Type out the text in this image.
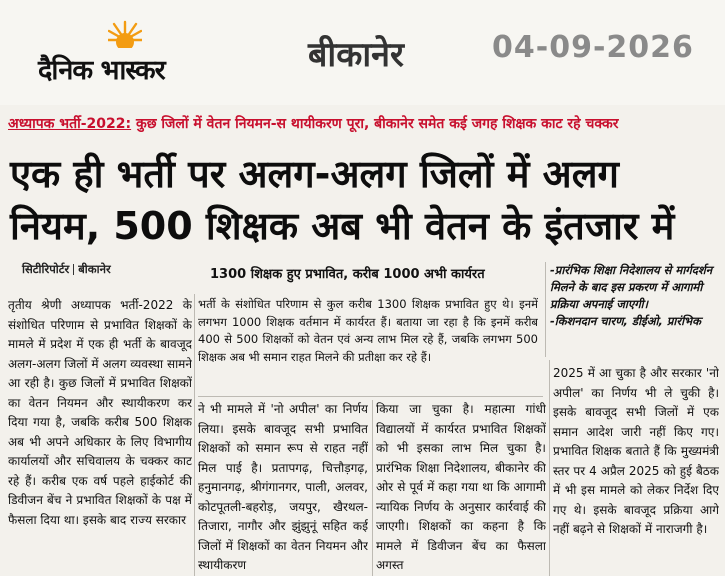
दैनिक भास्कर	बीकानेर	04-09-2026
अध्यापक भर्ती-2022: कुछ जिलों में वेतन नियमन-स थायीकरण पूरा, बीकानेर समेत कई जगह शिक्षक काट रहे चक्कर
एक ही भर्ती पर अलग-अलग जिलों में अलग
नियम, 500 शिक्षक अब भी वेतन के इंतजार में
सिटीरिपोर्टर बीकानेर	1300 शिक्षक हुए प्रभावित, करीब 1000 अभी कार्यरत	-प्रारंभिक शिक्षा निदेशालय से मार्गदर्शन मिलने के बाद इस प्रकरण में आगामी प्रक्रिया अपनाई जाएगी।
-किशनदान चारण, डीईओ, प्रारंभिक
तृतीय श्रेणी अध्यापक भर्ती-2022 के संशोधित परिणाम से प्रभावित शिक्षकों के मामले में प्रदेश में एक ही भर्ती के बावजूद अलग-अलग जिलों में अलग व्यवस्था सामने आ रही है। कुछ जिलों में प्रभावित शिक्षकों का वेतन नियमन और स्थायीकरण कर दिया गया है, जबकि करीब 500 शिक्षक अब भी अपने अधिकार के लिए विभागीय कार्यालयों और सचिवालय के चक्कर काट रहे हैं। करीब एक वर्ष पहले हाईकोर्ट की डिवीजन बेंच ने प्रभावित शिक्षकों के पक्ष में फैसला दिया था। इसके बाद राज्य सरकार
भर्ती के संशोधित परिणाम से कुल करीब 1300 शिक्षक प्रभावित हुए थे। इनमें लगभग 1000 शिक्षक वर्तमान में कार्यरत हैं। बताया जा रहा है कि इनमें करीब 400 से 500 शिक्षकों को वेतन एवं अन्य लाभ मिल रहे हैं, जबकि लगभग 500 शिक्षक अब भी समान राहत मिलने की प्रतीक्षा कर रहे हैं।
ने भी मामले में 'नो अपील' का निर्णय लिया। इसके बावजूद सभी प्रभावित शिक्षकों को समान रूप से राहत नहीं मिल पाई है। प्रतापगढ़, चित्तौड़गढ़, हनुमानगढ़, श्रीगंगानगर, पाली, अलवर, कोटपूतली-बहरोड़, जयपुर, खैरथल-तिजारा, नागौर और झुंझुनूं सहित कई जिलों में शिक्षकों का वेतन नियमन और स्थायीकरण
किया जा चुका है। महात्मा गांधी विद्यालयों में कार्यरत प्रभावित शिक्षकों को भी इसका लाभ मिल चुका है। प्रारंभिक शिक्षा निदेशालय, बीकानेर की ओर से पूर्व में कहा गया था कि आगामी न्यायिक निर्णय के अनुसार कार्रवाई की जाएगी। शिक्षकों का कहना है कि मामले में डिवीजन बेंच का फैसला अगस्त
2025 में आ चुका है और सरकार 'नो अपील' का निर्णय भी ले चुकी है। इसके बावजूद सभी जिलों में एक समान आदेश जारी नहीं किए गए। प्रभावित शिक्षक बताते हैं कि मुख्यमंत्री स्तर पर 4 अप्रैल 2025 को हुई बैठक में भी इस मामले को लेकर निर्देश दिए गए थे। इसके बावजूद प्रक्रिया आगे नहीं बढ़ने से शिक्षकों में नाराजगी है।
